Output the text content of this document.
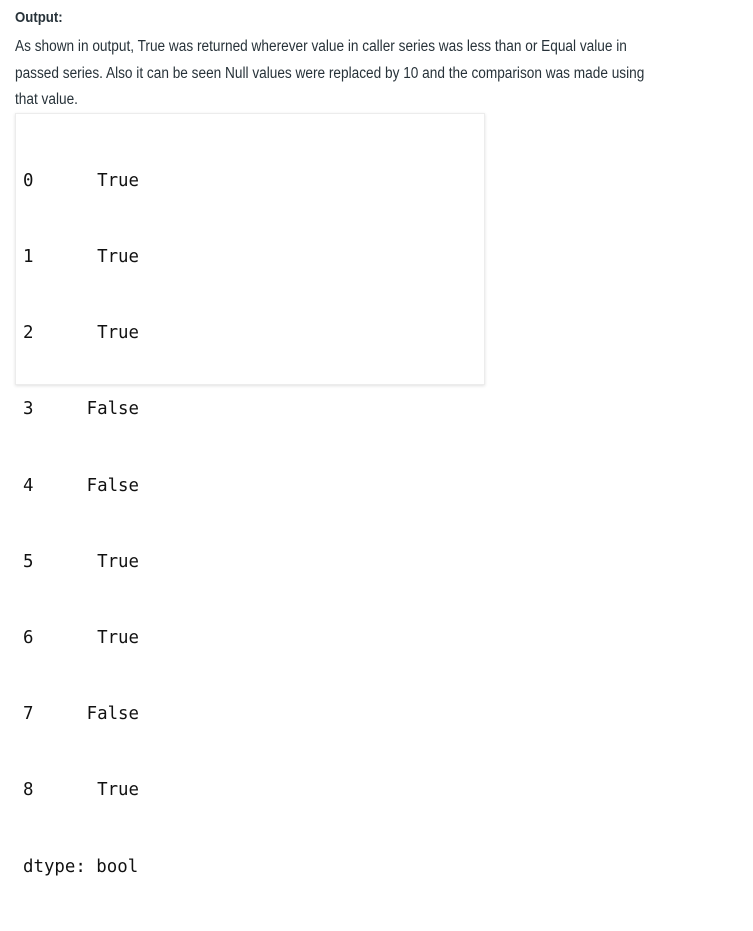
Output:
As shown in output, True was returned wherever value in caller series was less than or Equal value in
passed series. Also it can be seen Null values were replaced by 10 and the comparison was made using
that value.

0	True

1	True

2	True

3	False

4	False

5	True

6	True

7	False

8	True

dtype: bool
